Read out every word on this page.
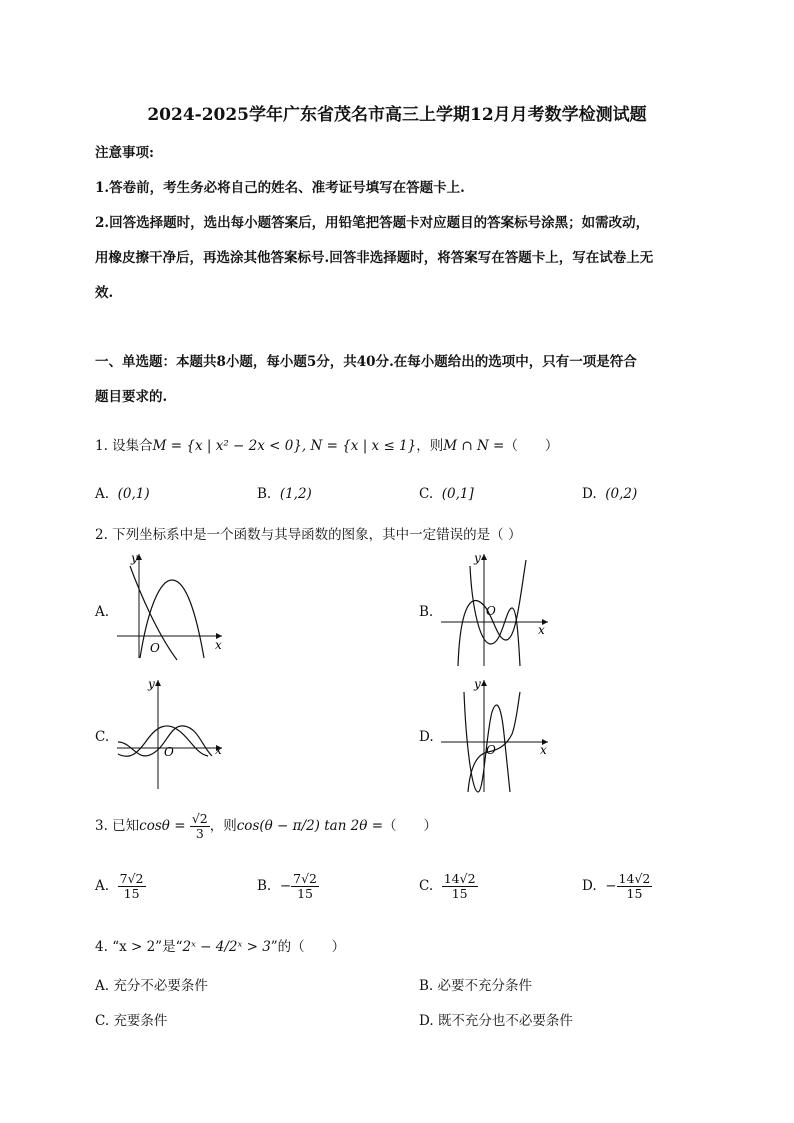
2024-2025学年广东省茂名市高三上学期12月月考数学检测试题
注意事项:
1.答卷前，考生务必将自己的姓名、准考证号填写在答题卡上.
2.回答选择题时，选出每小题答案后，用铅笔把答题卡对应题目的答案标号涂黑；如需改动，
用橡皮擦干净后，再选涂其他答案标号.回答非选择题时，将答案写在答题卡上，写在试卷上无
效.
一、单选题：本题共8小题，每小题5分，共40分.在每小题给出的选项中，只有一项是符合
题目要求的.
1. 设集合M = {x | x² − 2x < 0}, N = {x | x ≤ 1}，则M ∩ N =（　　）
A. (0,1)	B. (1,2)	C. (0,1]	D. (0,2)
2. 下列坐标系中是一个函数与其导函数的图象，其中一定错误的是（ ）
A.
y
x
O
B.
y
x
O
C.
y
x
O
D.
y
x
O
3. 已知$\cos\theta = \frac{√2}{3}$ ，则cos(θ − π/2) tan 2θ =（　　）
A. $\frac{7√2}{15}$	B. − $\frac{7√2}{15}$	C. $\frac{14√2}{15}$	D. − $\frac{14√2}{15}$
4. “x > 2”是“2ˣ − 4/2ˣ > 3”的（　　）
A. 充分不必要条件	B. 必要不充分条件
C. 充要条件	D. 既不充分也不必要条件
